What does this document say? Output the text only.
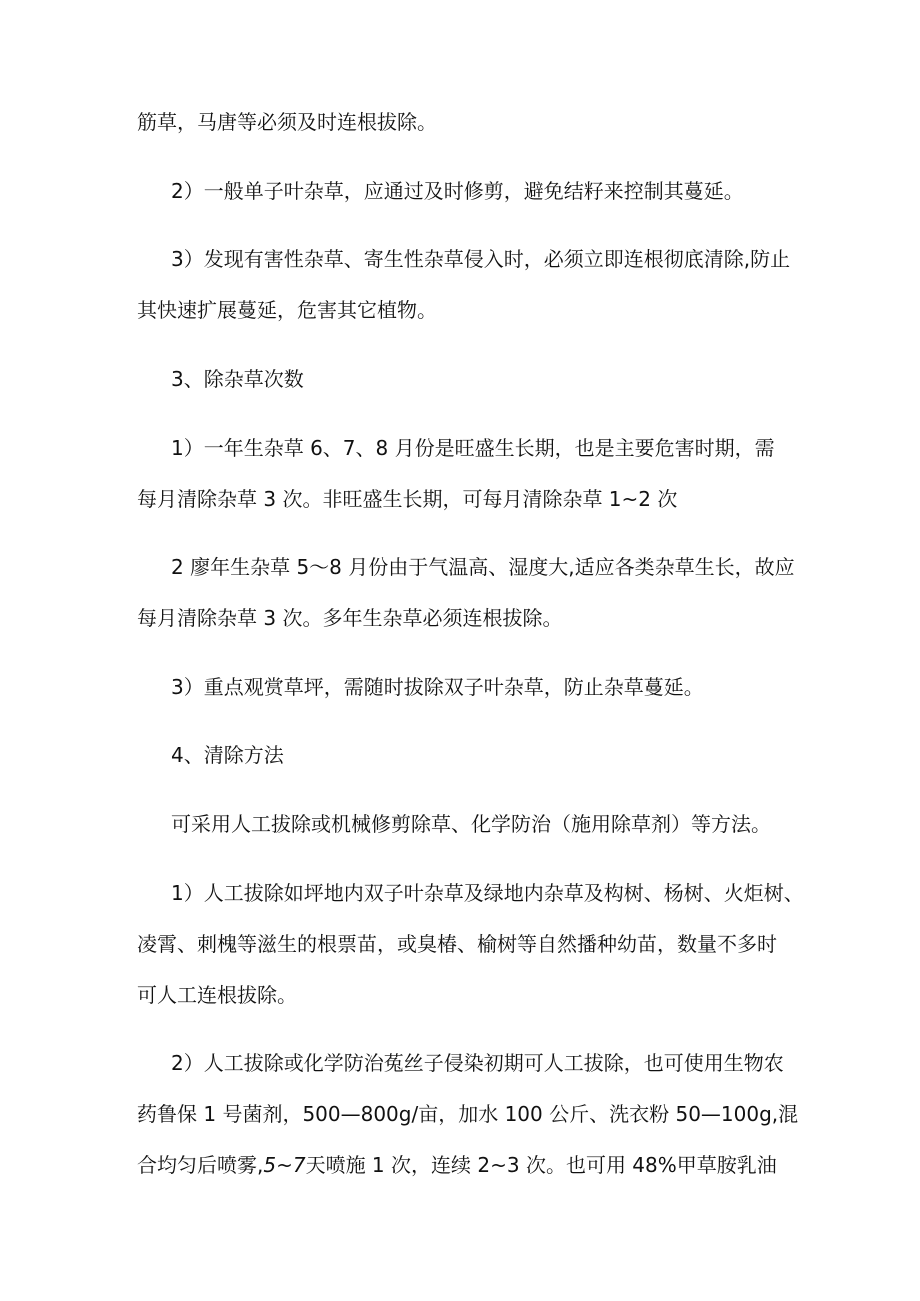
筋草，马唐等必须及时连根拔除。
2）一般单子叶杂草，应通过及时修剪，避免结籽来控制其蔓延。
3）发现有害性杂草、寄生性杂草侵入时，必须立即连根彻底清除,防止
其快速扩展蔓延，危害其它植物。
3、除杂草次数
1）一年生杂草 6、7、8 月份是旺盛生长期，也是主要危害时期，需
每月清除杂草 3 次。非旺盛生长期，可每月清除杂草 1~2 次
2 廖年生杂草 5～8 月份由于气温高、湿度大,适应各类杂草生长，故应
每月清除杂草 3 次。多年生杂草必须连根拔除。
3）重点观赏草坪，需随时拔除双子叶杂草，防止杂草蔓延。
4、清除方法
可采用人工拔除或机械修剪除草、化学防治（施用除草剂）等方法。
1）人工拔除如坪地内双子叶杂草及绿地内杂草及构树、杨树、火炬树、
凌霄、刺槐等滋生的根票苗，或臭椿、榆树等自然播种幼苗，数量不多时
可人工连根拔除。
2）人工拔除或化学防治菟丝子侵染初期可人工拔除，也可使用生物农
药鲁保 1 号菌剂，500—800g/亩，加水 100 公斤、洗衣粉 50—100g,混
合均匀后喷雾,5~7天喷施 1 次，连续 2~3 次。也可用 48%甲草胺乳油
